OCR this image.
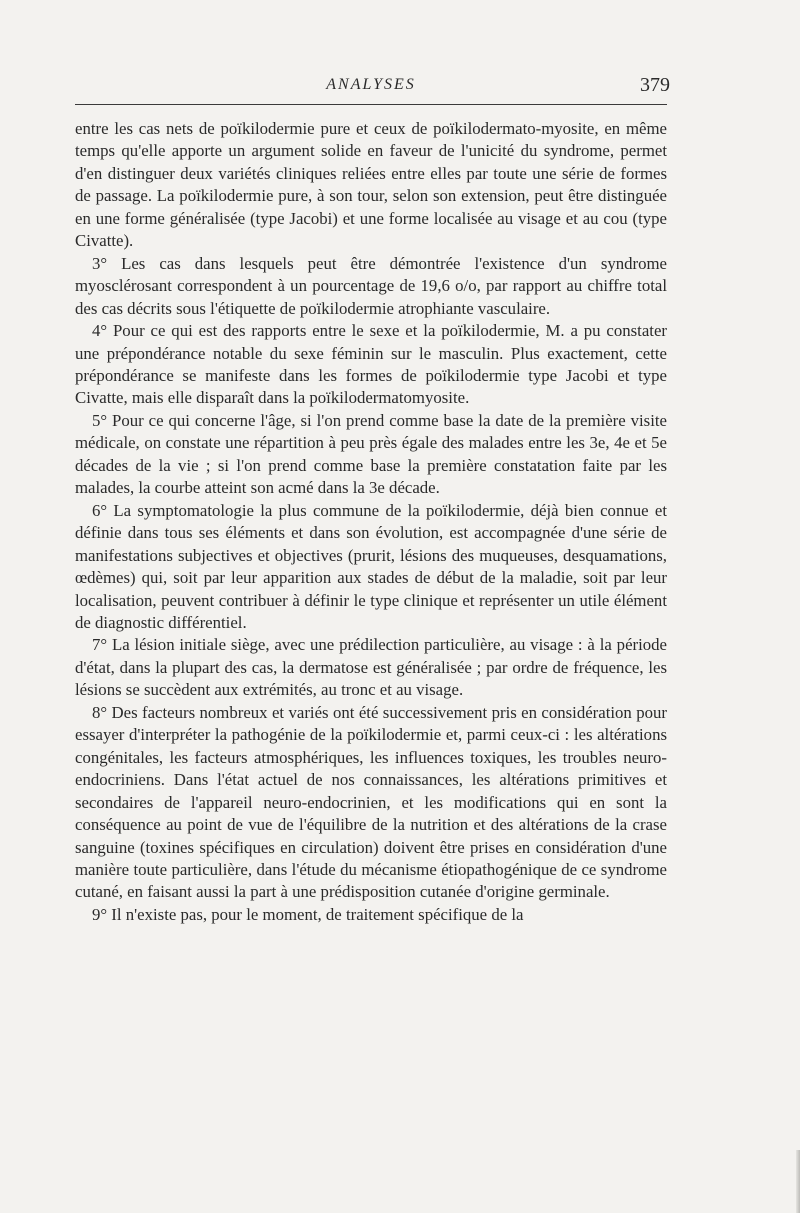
ANALYSES	379

entre les cas nets de poïkilodermie pure et ceux de poïkilodermato-myosite, en même temps qu'elle apporte un argument solide en faveur de l'unicité du syndrome, permet d'en distinguer deux variétés cliniques reliées entre elles par toute une série de formes de passage. La poïkilodermie pure, à son tour, selon son extension, peut être distinguée en une forme généralisée (type Jacobi) et une forme localisée au visage et au cou (type Civatte).

3° Les cas dans lesquels peut être démontrée l'existence d'un syndrome myosclérosant correspondent à un pourcentage de 19,6 o/o, par rapport au chiffre total des cas décrits sous l'étiquette de poïkilodermie atrophiante vasculaire.

4° Pour ce qui est des rapports entre le sexe et la poïkilodermie, M. a pu constater une prépondérance notable du sexe féminin sur le masculin. Plus exactement, cette prépondérance se manifeste dans les formes de poïkilodermie type Jacobi et type Civatte, mais elle disparaît dans la poïkilodermatomyosite.

5° Pour ce qui concerne l'âge, si l'on prend comme base la date de la première visite médicale, on constate une répartition à peu près égale des malades entre les 3e, 4e et 5e décades de la vie ; si l'on prend comme base la première constatation faite par les malades, la courbe atteint son acmé dans la 3e décade.

6° La symptomatologie la plus commune de la poïkilodermie, déjà bien connue et définie dans tous ses éléments et dans son évolution, est accompagnée d'une série de manifestations subjectives et objectives (prurit, lésions des muqueuses, desquamations, œdèmes) qui, soit par leur apparition aux stades de début de la maladie, soit par leur localisation, peuvent contribuer à définir le type clinique et représenter un utile élément de diagnostic différentiel.

7° La lésion initiale siège, avec une prédilection particulière, au visage : à la période d'état, dans la plupart des cas, la dermatose est généralisée ; par ordre de fréquence, les lésions se succèdent aux extrémités, au tronc et au visage.

8° Des facteurs nombreux et variés ont été successivement pris en considération pour essayer d'interpréter la pathogénie de la poïkilodermie et, parmi ceux-ci : les altérations congénitales, les facteurs atmosphériques, les influences toxiques, les troubles neuro-endocriniens. Dans l'état actuel de nos connaissances, les altérations primitives et secondaires de l'appareil neuro-endocrinien, et les modifications qui en sont la conséquence au point de vue de l'équilibre de la nutrition et des altérations de la crase sanguine (toxines spécifiques en circulation) doivent être prises en considération d'une manière toute particulière, dans l'étude du mécanisme étiopathogénique de ce syndrome cutané, en faisant aussi la part à une prédisposition cutanée d'origine germinale.

9° Il n'existe pas, pour le moment, de traitement spécifique de la
